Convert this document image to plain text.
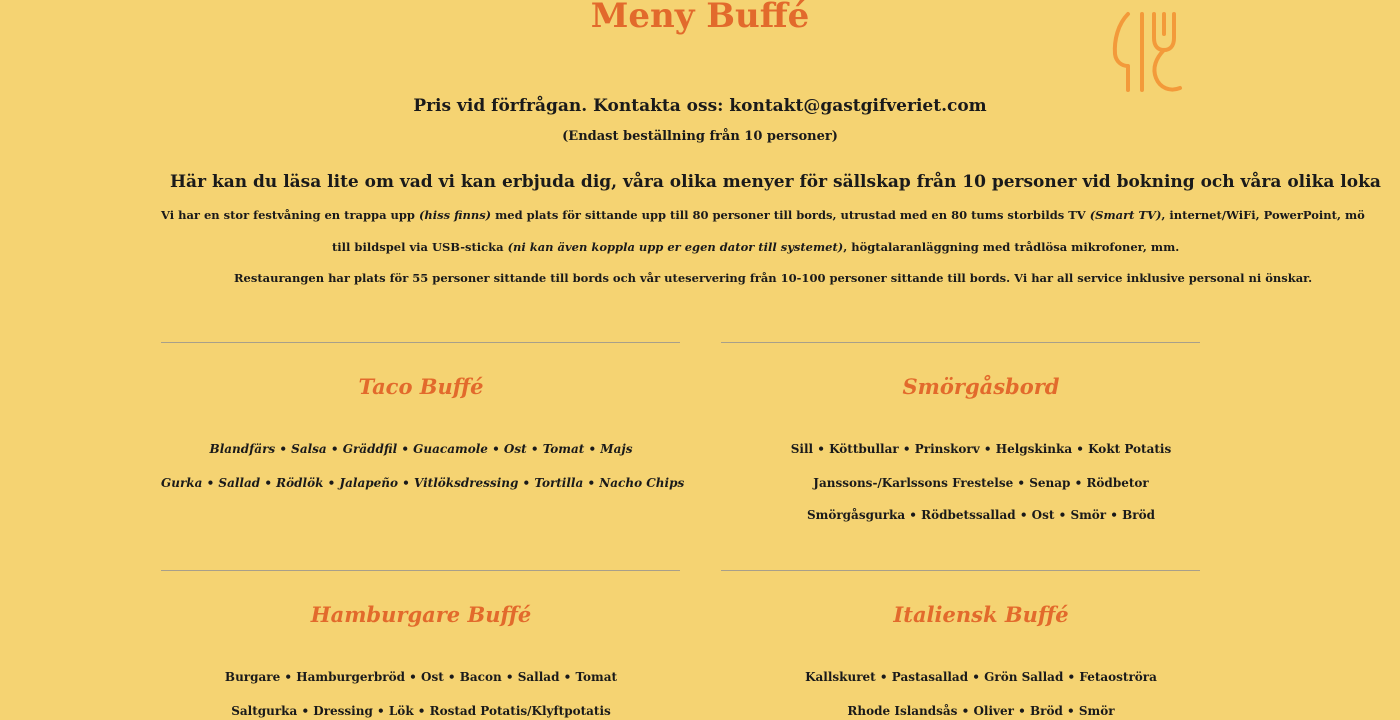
Meny Buffé
Pris vid förfrågan. Kontakta oss: kontakt@gastgifveriet.com
(Endast beställning från 10 personer)
Här kan du läsa lite om vad vi kan erbjuda dig, våra olika menyer för sällskap från 10 personer vid bokning och våra olika loka
Vi har en stor festvåning en trappa upp (hiss finns) med plats för sittande upp till 80 personer till bords, utrustad med en 80 tums storbilds TV (Smart TV), internet/WiFi, PowerPoint, mö
till bildspel via USB-sticka (ni kan även koppla upp er egen dator till systemet), högtalaranläggning med trådlösa mikrofoner, mm.
Restaurangen har plats för 55 personer sittande till bords och vår uteservering från 10-100 personer sittande till bords. Vi har all service inklusive personal ni önskar.
Taco Buffé
Blandfärs • Salsa • Gräddfil • Guacamole • Ost • Tomat • Majs
Gurka • Sallad • Rödlök • Jalapeño • Vitlöksdressing • Tortilla • Nacho Chips
Smörgåsbord
Sill • Köttbullar • Prinskorv • Helgskinka • Kokt Potatis
Janssons-/Karlssons Frestelse • Senap • Rödbetor
Smörgåsgurka • Rödbetssallad • Ost • Smör • Bröd
Hamburgare Buffé
Burgare • Hamburgerbröd • Ost • Bacon • Sallad • Tomat
Saltgurka • Dressing • Lök • Rostad Potatis/Klyftpotatis
Italiensk Buffé
Kallskuret • Pastasallad • Grön Sallad • Fetaoströra
Rhode Islandsås • Oliver • Bröd • Smör
